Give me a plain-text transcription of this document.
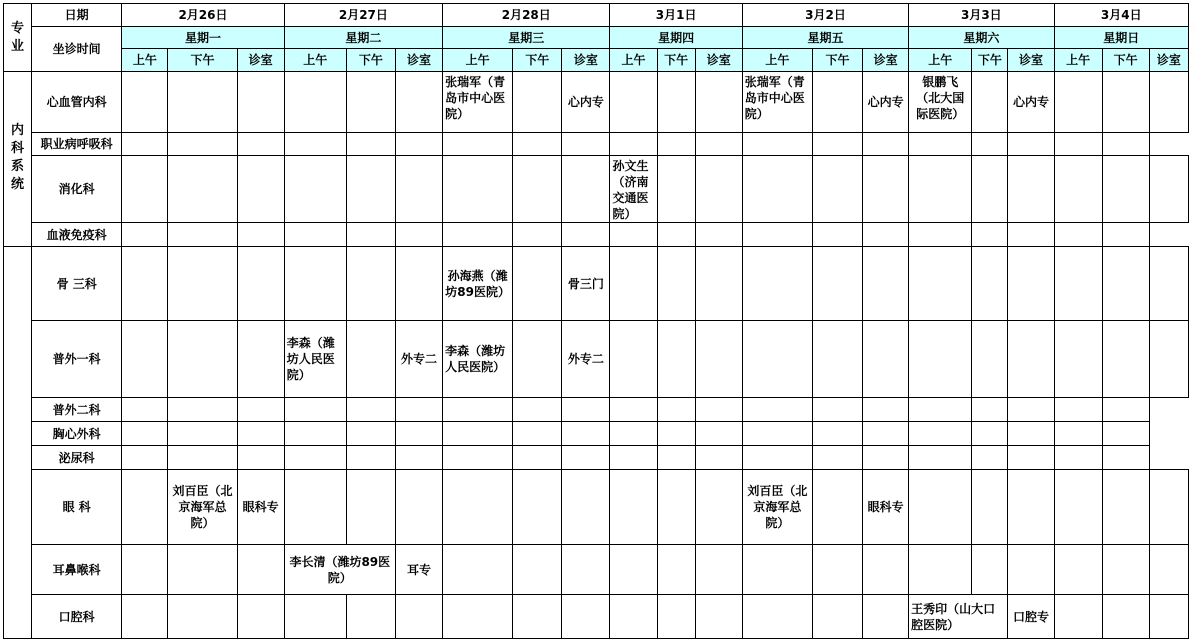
专业	日期	2月26日			2月27日			2月28日			3月1日			3月2日			3月3日			3月4日		
	坐诊时间	星期一			星期二			星期三			星期四			星期五			星期六			星期日		
		上午	下午	诊室	上午	下午	诊室	上午	下午	诊室	上午	下午	诊室	上午	下午	诊室	上午	下午	诊室	上午	下午	诊室
内科系统	心血管内科							张瑞军（青岛市中心医院）		心内专				张瑞军（青岛市中心医院）		心内专	银鹏飞（北大国际医院）		心内专			
	职业病呼吸科																					
	消化科										孙文生（济南交通医院）											
	血液免疫科																					
	骨 三科							孙海燕（潍坊89医院）		骨三门												
	普外一科				李森（潍坊人民医院）		外专二	李森（潍坊人民医院）		外专二												
	普外二科																					
	胸心外科																					
	泌尿科																					
	眼 科		刘百臣（北京海军总院）	眼科专										刘百臣（北京海军总院）		眼科专						
	耳鼻喉科				李长清（潍坊89医院）		耳专															
	口腔科																王秀印（山大口腔医院）		口腔专			
